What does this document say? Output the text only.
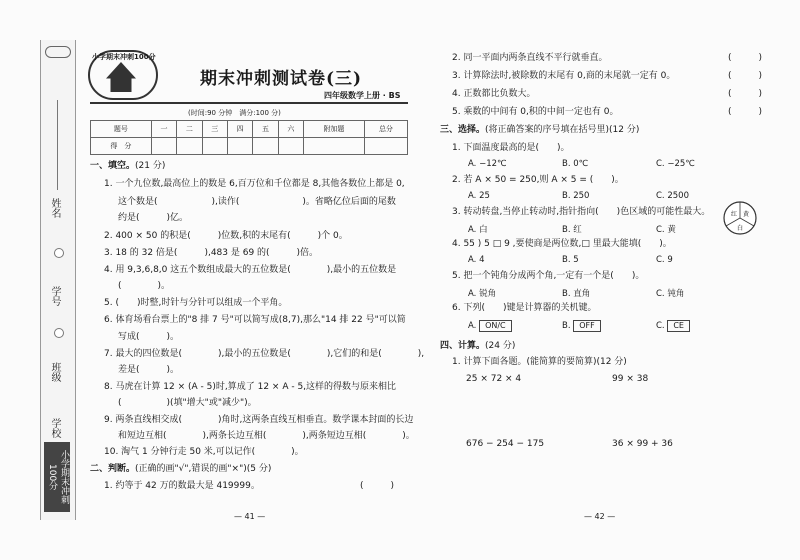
姓名
学号
班级
学校
小学期末冲刺100分
小学期末冲刺100分
期末冲刺测试卷(三)
四年级数学上册 · BS
(时间:90 分钟　满分:100 分)
题号	一	二	三	四	五	六	附加题	总分
得　分								
一、填空。(21 分)
1. 一个九位数,最高位上的数是 6,百万位和千位都是 8,其他各数位上都是 0,
这个数是(　　　　　　),读作(　　　　　　　)。省略亿位后面的尾数
约是(　　　)亿。
2. 400 × 50 的积是(　　　)位数,积的末尾有(　　　)个 0。
3. 18 的 32 倍是(　　　),483 是 69 的(　　　)倍。
4. 用 9,3,6,8,0 这五个数组成最大的五位数是(　　　　),最小的五位数是
(　　　　)。
5. (　　)时整,时针与分针可以组成一个平角。
6. 体育场看台票上的"8 排 7 号"可以简写成(8,7),那么"14 排 22 号"可以简
写成(　　　)。
7. 最大的四位数是(　　　　),最小的五位数是(　　　　),它们的和是(　　　　),
差是(　　　)。
8. 马虎在计算 12 × (A - 5)时,算成了 12 × A - 5,这样的得数与原来相比
(　　　　　)(填"增大"或"减少")。
9. 两条直线相交成(　　　　)角时,这两条直线互相垂直。数学课本封面的长边
和短边互相(　　　　),两条长边互相(　　　　),两条短边互相(　　　　)。
10. 淘气 1 分钟行走 50 米,可以记作(　　　　)。
二、判断。(正确的画"√",错误的画"×")(5 分)
1. 约等于 42 万的数最大是 419999。	(　　　)
— 41 —
2. 同一平面内两条直线不平行就垂直。	(　　　)
3. 计算除法时,被除数的末尾有 0,商的末尾就一定有 0。	(　　　)
4. 正数都比负数大。	(　　　)
5. 乘数的中间有 0,积的中间一定也有 0。	(　　　)
三、选择。(将正确答案的序号填在括号里)(12 分)
1. 下面温度最高的是(　　)。
A. −12℃	B. 0℃	C. −25℃
2. 若 A × 50 = 250,则 A × 5 = (　　)。
A. 25	B. 250	C. 2500
3. 转动转盘,当停止转动时,指针指向(　　)色区域的可能性最大。
A. 白	B. 红	C. 黄
红 黄
白
4. 55 ) 5 □ 9 ,要使商是两位数,□ 里最大能填(　　)。
A. 4	B. 5	C. 9
5. 把一个钝角分成两个角,一定有一个是(　　)。
A. 锐角	B. 直角	C. 钝角
6. 下列(　　)键是计算器的关机键。
A. ON/C	B. OFF	C. CE
四、计算。(24 分)
1. 计算下面各题。(能简算的要简算)(12 分)
25 × 72 × 4	99 × 38
676 − 254 − 175	36 × 99 + 36
— 42 —
